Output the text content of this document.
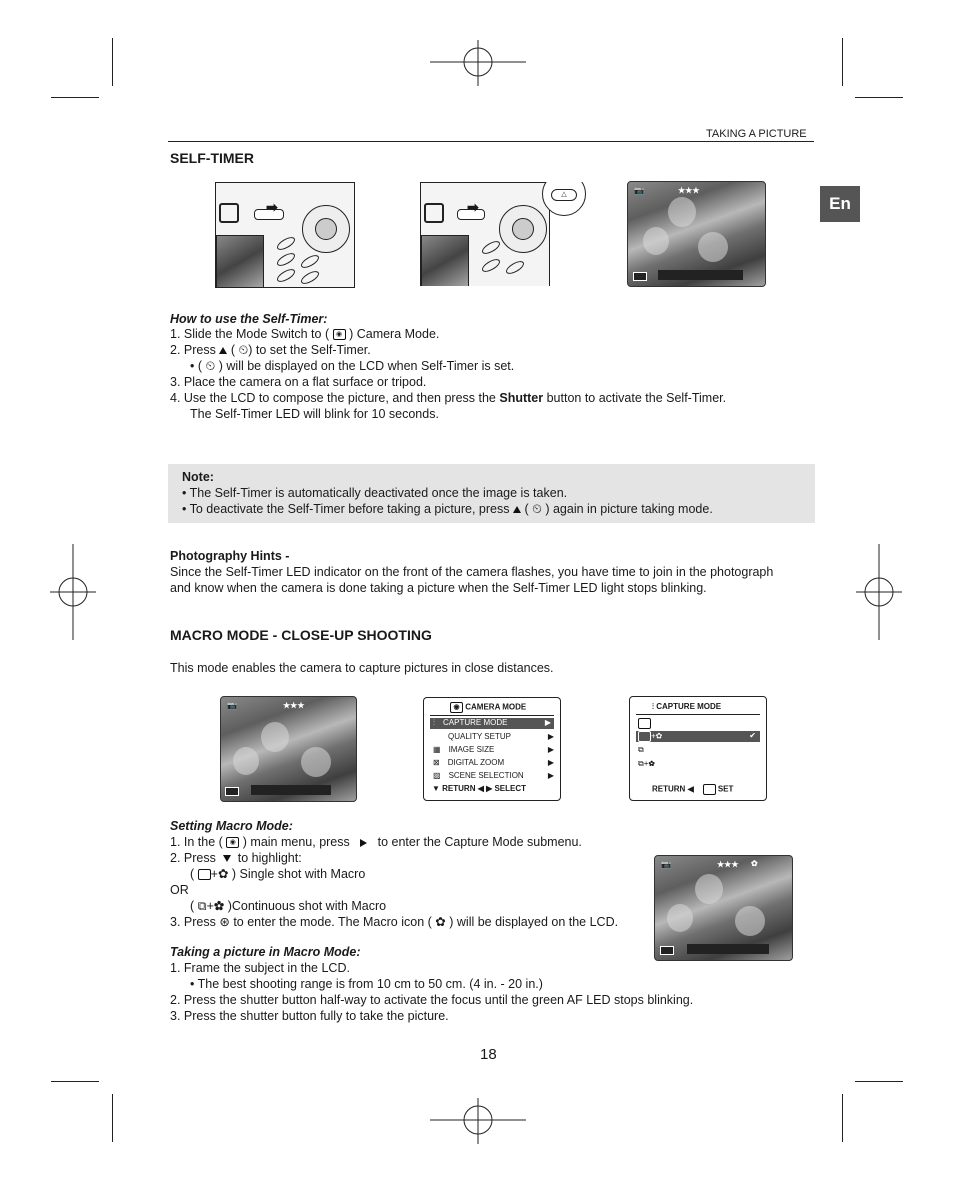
TAKING A PICTURE
En
SELF-TIMER
➡	➡
△	📷	★★★
How to use the Self-Timer:
1. Slide the Mode Switch to ( ◉ ) Camera Mode.
2. Press ( ⏲) to set the Self-Timer.
• ( ⏲ ) will be displayed on the LCD when Self-Timer is set.
3. Place the camera on a flat surface or tripod.
4. Use the LCD to compose the picture, and then press the Shutter button to activate the Self-Timer.
The Self-Timer LED will blink for 10 seconds.
Note:
• The Self-Timer is automatically deactivated once the image is taken.
• To deactivate the Self-Timer before taking a picture, press ( ⏲ ) again in picture taking mode.
Photography Hints -
Since the Self-Timer LED indicator on the front of the camera flashes, you have time to join in the photograph
and know when the camera is done taking a picture when the Self-Timer LED light stops blinking.
MACRO MODE - CLOSE-UP SHOOTING
This mode enables the camera to capture pictures in close distances.
📷	★★★	◉ CAMERA MODE
⫶ CAPTURE MODE	▶
QUALITY SETUP	▶
▦ IMAGE SIZE	▶
⊠ DIGITAL ZOOM	▶
▨ SCENE SELECTION	▶
▼ RETURN ◀ ▶ SELECT
⫶ CAPTURE MODE
+✿	✔
⧉
⧉+✿
RETURN ◀     SET
Setting Macro Mode:
1. In the ( ◉ ) main menu, press to enter the Capture Mode submenu.
2. Press to highlight:
( +✿ ) Single shot with Macro
OR
( ⧉+✿ )Continuous shot with Macro
3. Press ⊛ to enter the mode. The Macro icon ( ✿ ) will be displayed on the LCD.
📷	★★★ ✿
Taking a picture in Macro Mode:
1. Frame the subject in the LCD.
• The best shooting range is from 10 cm to 50 cm. (4 in. - 20 in.)
2. Press the shutter button half-way to activate the focus until the green AF LED stops blinking.
3. Press the shutter button fully to take the picture.
18
